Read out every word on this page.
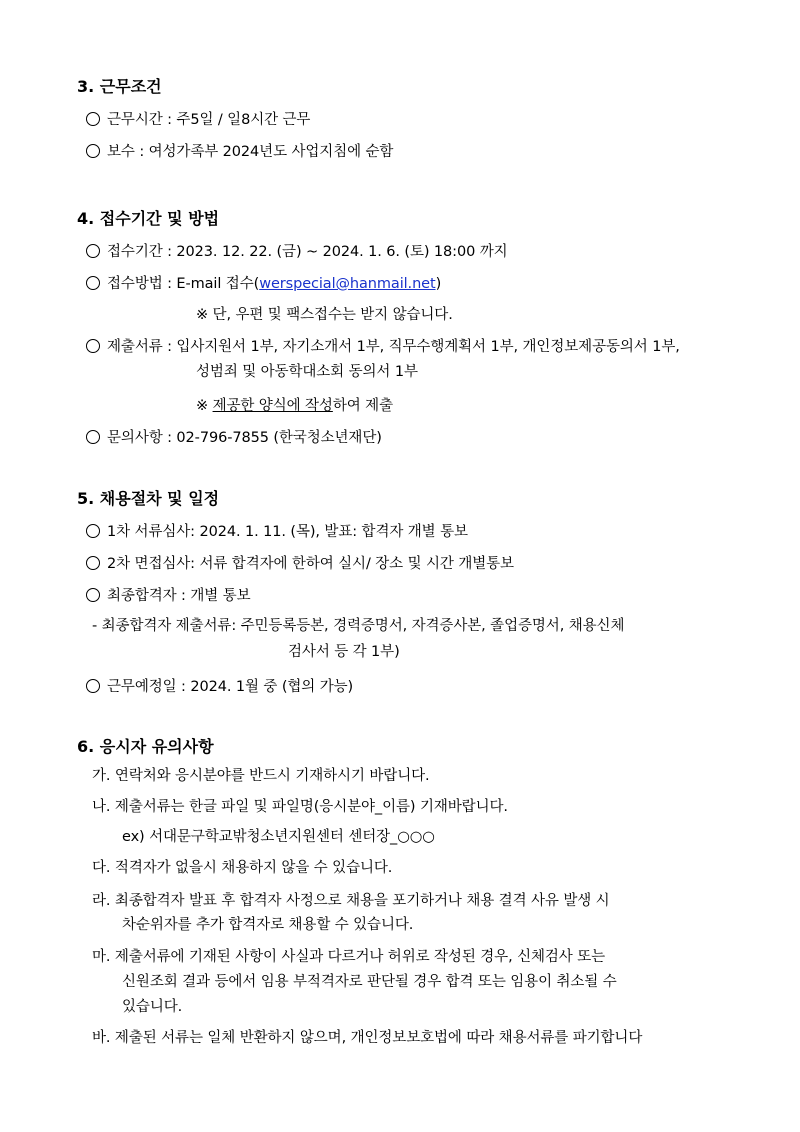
3. 근무조건
근무시간 : 주5일 / 일8시간 근무
보수 : 여성가족부 2024년도 사업지침에 순함
4. 접수기간 및 방법
접수기간 : 2023. 12. 22. (금) ~ 2024. 1. 6. (토) 18:00 까지
접수방법 : E-mail 접수(werspecial@hanmail.net)
※ 단, 우편 및 팩스접수는 받지 않습니다.
제출서류 : 입사지원서 1부, 자기소개서 1부, 직무수행계획서 1부, 개인정보제공동의서 1부,
성범죄 및 아동학대소회 동의서 1부
※ 제공한 양식에 작성하여 제출
문의사항 : 02-796-7855 (한국청소년재단)
5. 채용절차 및 일정
1차 서류심사: 2024. 1. 11. (목), 발표: 합격자 개별 통보
2차 면접심사: 서류 합격자에 한하여 실시/ 장소 및 시간 개별통보
최종합격자 : 개별 통보
- 최종합격자 제출서류: 주민등록등본, 경력증명서, 자격증사본, 졸업증명서, 채용신체
검사서 등 각 1부)
근무예정일 : 2024. 1월 중 (협의 가능)
6. 응시자 유의사항
가. 연락처와 응시분야를 반드시 기재하시기 바랍니다.
나. 제출서류는 한글 파일 및 파일명(응시분야_이름) 기재바랍니다.
ex) 서대문구학교밖청소년지원센터 센터장_○○○
다. 적격자가 없을시 채용하지 않을 수 있습니다.
라. 최종합격자 발표 후 합격자 사정으로 채용을 포기하거나 채용 결격 사유 발생 시
차순위자를 추가 합격자로 채용할 수 있습니다.
마. 제출서류에 기재된 사항이 사실과 다르거나 허위로 작성된 경우, 신체검사 또는
신원조회 결과 등에서 임용 부적격자로 판단될 경우 합격 또는 임용이 취소될 수
있습니다.
바. 제출된 서류는 일체 반환하지 않으며, 개인정보보호법에 따라 채용서류를 파기합니다
